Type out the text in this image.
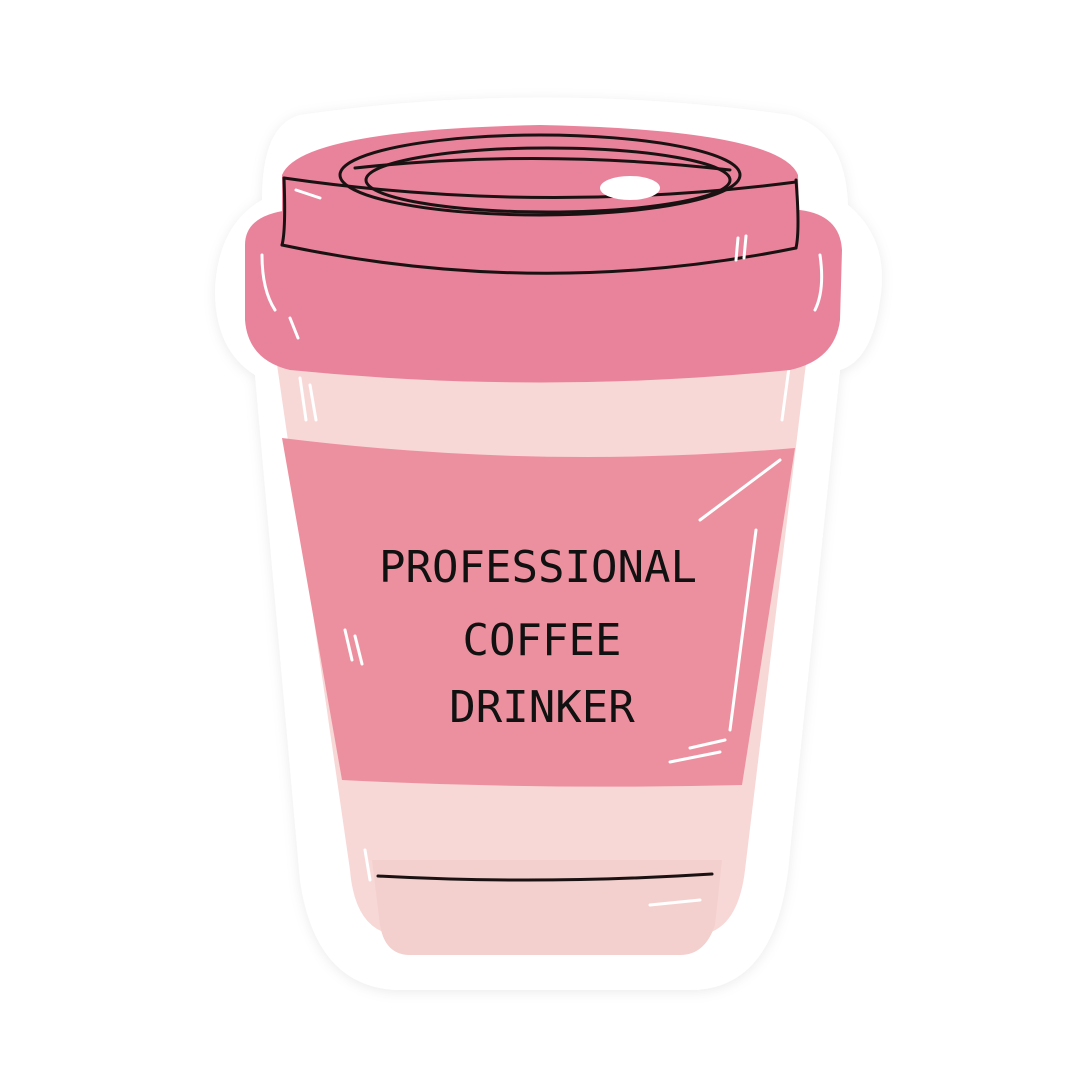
PROFESSIONAL
COFFEE
DRINKER
